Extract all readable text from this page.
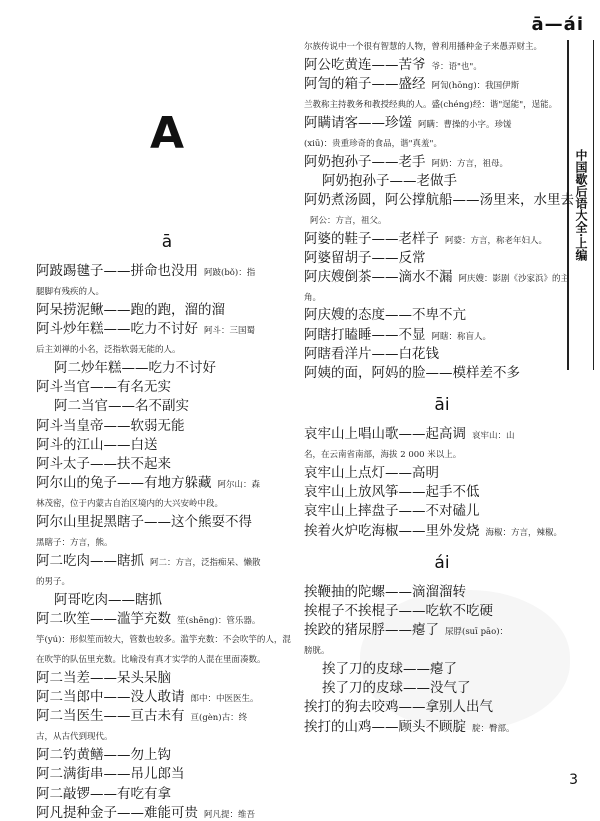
ā—ái
中国歇后语大全·上编
A

ā

阿跛踢毽子——拼命也没用 阿跛(bǒ)：指

腿脚有残疾的人。

阿呆捞泥鳅——跑的跑，溜的溜

阿斗炒年糕——吃力不讨好 阿斗：三国蜀

后主刘禅的小名，泛指软弱无能的人。

阿二炒年糕——吃力不讨好

阿斗当官——有名无实

阿二当官——名不副实

阿斗当皇帝——软弱无能

阿斗的江山——白送

阿斗太子——扶不起来

阿尔山的兔子——有地方躲藏 阿尔山：森

林茂密，位于内蒙古自治区境内的大兴安岭中段。

阿尔山里捉黑瞎子——这个熊耍不得

黑瞎子：方言，熊。

阿二吃肉——瞎抓 阿二：方言，泛指痴呆、懒散

的男子。

阿哥吃肉——瞎抓

阿二吹笙——滥竽充数 笙(shēng)：管乐器。

竽(yú)：形似笙而较大，管数也较多。滥竽充数：不会吹竽的人，混在吹竽的队伍里充数。比喻没有真才实学的人混在里面凑数。

阿二当差——呆头呆脑

阿二当郎中——没人敢请 郎中：中医医生。

阿二当医生——亘古未有 亘(gèn)古：终

古，从古代到现代。

阿二钓黄鳝——勿上钩

阿二满街串——吊儿郎当

阿二敲锣——有吃有拿

阿凡提种金子——难能可贵 阿凡提：维吾

尔族传说中一个很有智慧的人物，曾利用播种金子来愚弄财主。

阿公吃黄连——苦爷 爷：语"也"。

阿訇的箱子——盛经 阿訇(hōng)：我国伊斯

兰教称主持教务和教授经典的人。盛(chéng)经：谐"逞能"，逞能。

阿瞒请客——珍馐 阿瞒：曹操的小字。珍馐

(xiū)：贵重珍奇的食品，谐"真羞"。

阿奶抱孙子——老手 阿奶：方言，祖母。

阿奶抱孙子——老做手

阿奶煮汤圆，阿公撑航船——汤里来，水里去阿公：方言，祖父。

阿婆的鞋子——老样子 阿婆：方言，称老年妇人。

阿婆留胡子——反常

阿庆嫂倒茶——滴水不漏 阿庆嫂：影剧《沙家浜》的主角。

阿庆嫂的态度——不卑不亢

阿瞎打瞌睡——不显 阿瞎：称盲人。

阿瞎看洋片——白花钱

阿姨的面，阿妈的脸——模样差不多

āi

哀牢山上唱山歌——起高调 哀牢山：山

名，在云南省南部，海拔 2 000 米以上。

哀牢山上点灯——高明

哀牢山上放风筝——起手不低

哀牢山上摔盘子——不对磕儿

挨着火炉吃海椒——里外发烧 海椒：方言，辣椒。

ái

挨鞭抽的陀螺——滴溜溜转

挨棍子不挨棍子——吃软不吃硬

挨跤的猪尿脬——瘪了 尿脬(suī pāo)：

膀胱。

挨了刀的皮球——瘪了

挨了刀的皮球——没气了

挨打的狗去咬鸡——拿别人出气

挨打的山鸡——顾头不顾腚 腚：臀部。

3
